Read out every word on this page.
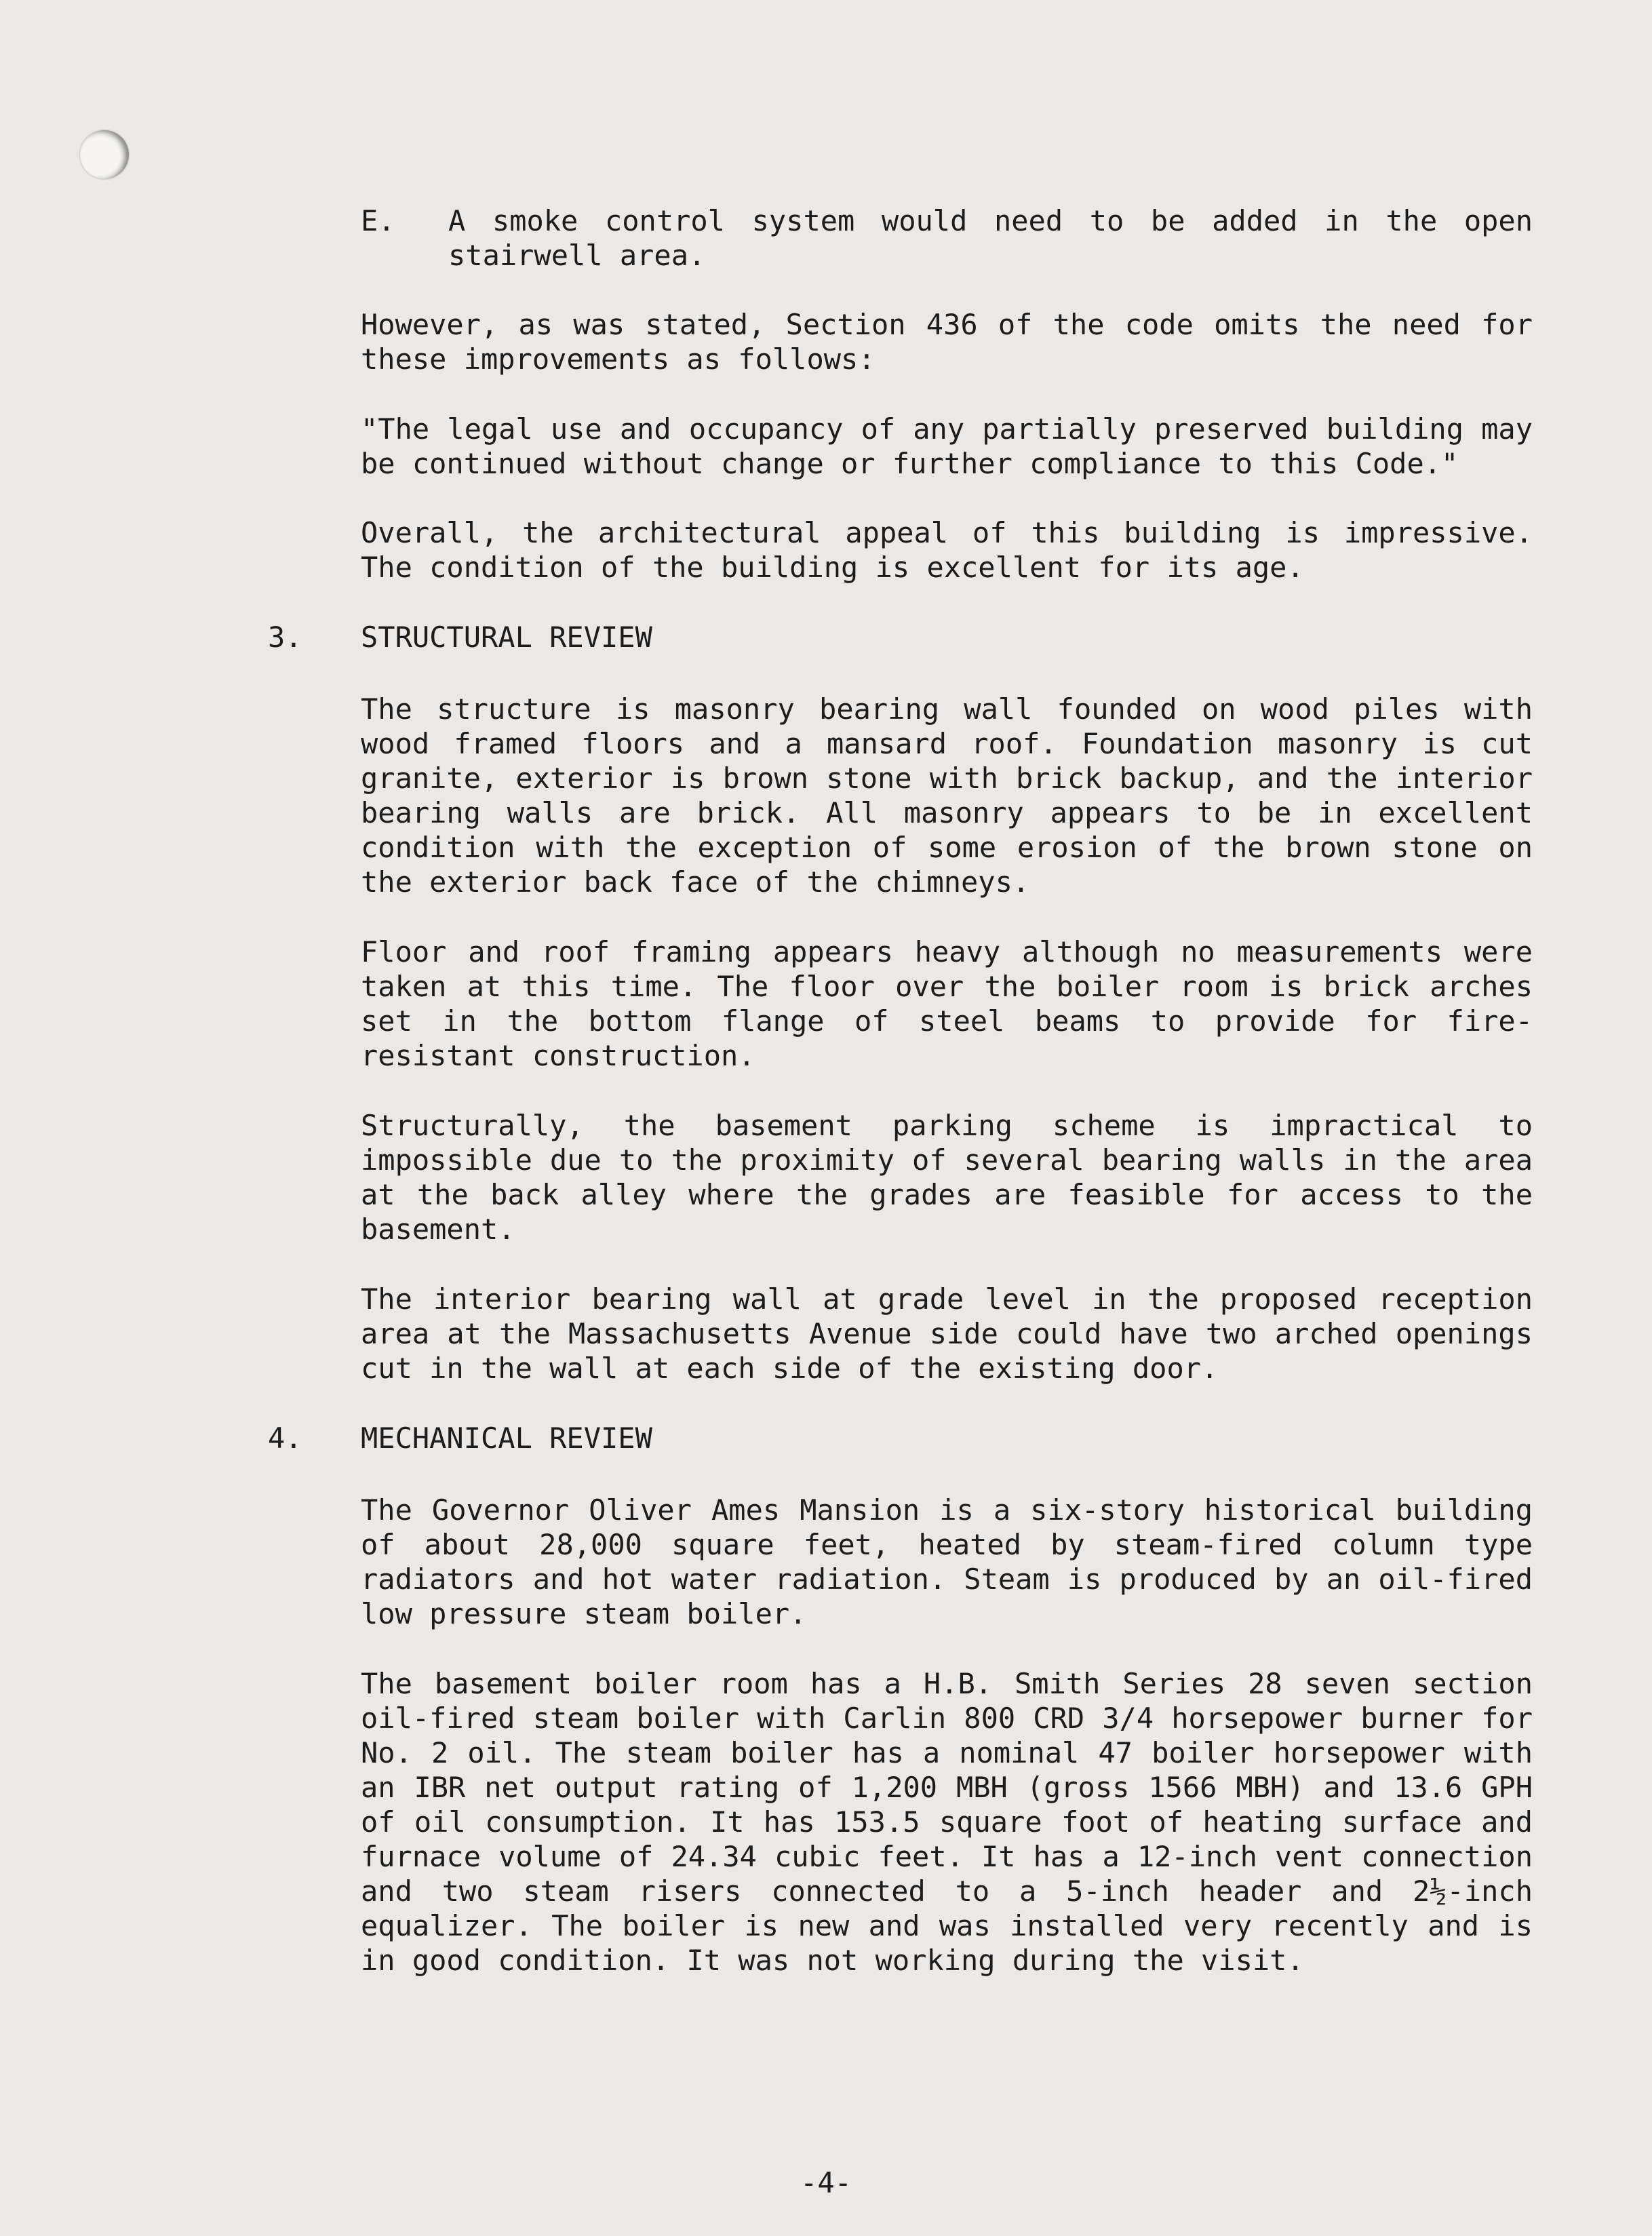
E. A smoke control system would need to be added in the open stairwell area.

However, as was stated, Section 436 of the code omits the need for these improvements as follows:

"The legal use and occupancy of any partially preserved building may be continued without change or further compliance to this Code."

Overall, the architectural appeal of this building is impressive. The condition of the building is excellent for its age.

3. STRUCTURAL REVIEW

The structure is masonry bearing wall founded on wood piles with wood framed floors and a mansard roof. Foundation masonry is cut granite, exterior is brown stone with brick backup, and the interior bearing walls are brick. All masonry appears to be in excellent condition with the exception of some erosion of the brown stone on the exterior back face of the chimneys.

Floor and roof framing appears heavy although no measurements were taken at this time. The floor over the boiler room is brick arches set in the bottom flange of steel beams to provide for fire-resistant construction.

Structurally, the basement parking scheme is impractical to impossible due to the proximity of several bearing walls in the area at the back alley where the grades are feasible for access to the basement.

The interior bearing wall at grade level in the proposed reception area at the Massachusetts Avenue side could have two arched openings cut in the wall at each side of the existing door.

4. MECHANICAL REVIEW

The Governor Oliver Ames Mansion is a six-story historical building of about 28,000 square feet, heated by steam-fired column type radiators and hot water radiation. Steam is produced by an oil-fired low pressure steam boiler.

The basement boiler room has a H.B. Smith Series 28 seven section oil-fired steam boiler with Carlin 800 CRD 3/4 horsepower burner for No. 2 oil. The steam boiler has a nominal 47 boiler horsepower with an IBR net output rating of 1,200 MBH (gross 1566 MBH) and 13.6 GPH of oil consumption. It has 153.5 square foot of heating surface and furnace volume of 24.34 cubic feet. It has a 12-inch vent connection and two steam risers connected to a 5-inch header and 2½-inch equalizer. The boiler is new and was installed very recently and is in good condition. It was not working during the visit.

-4-
